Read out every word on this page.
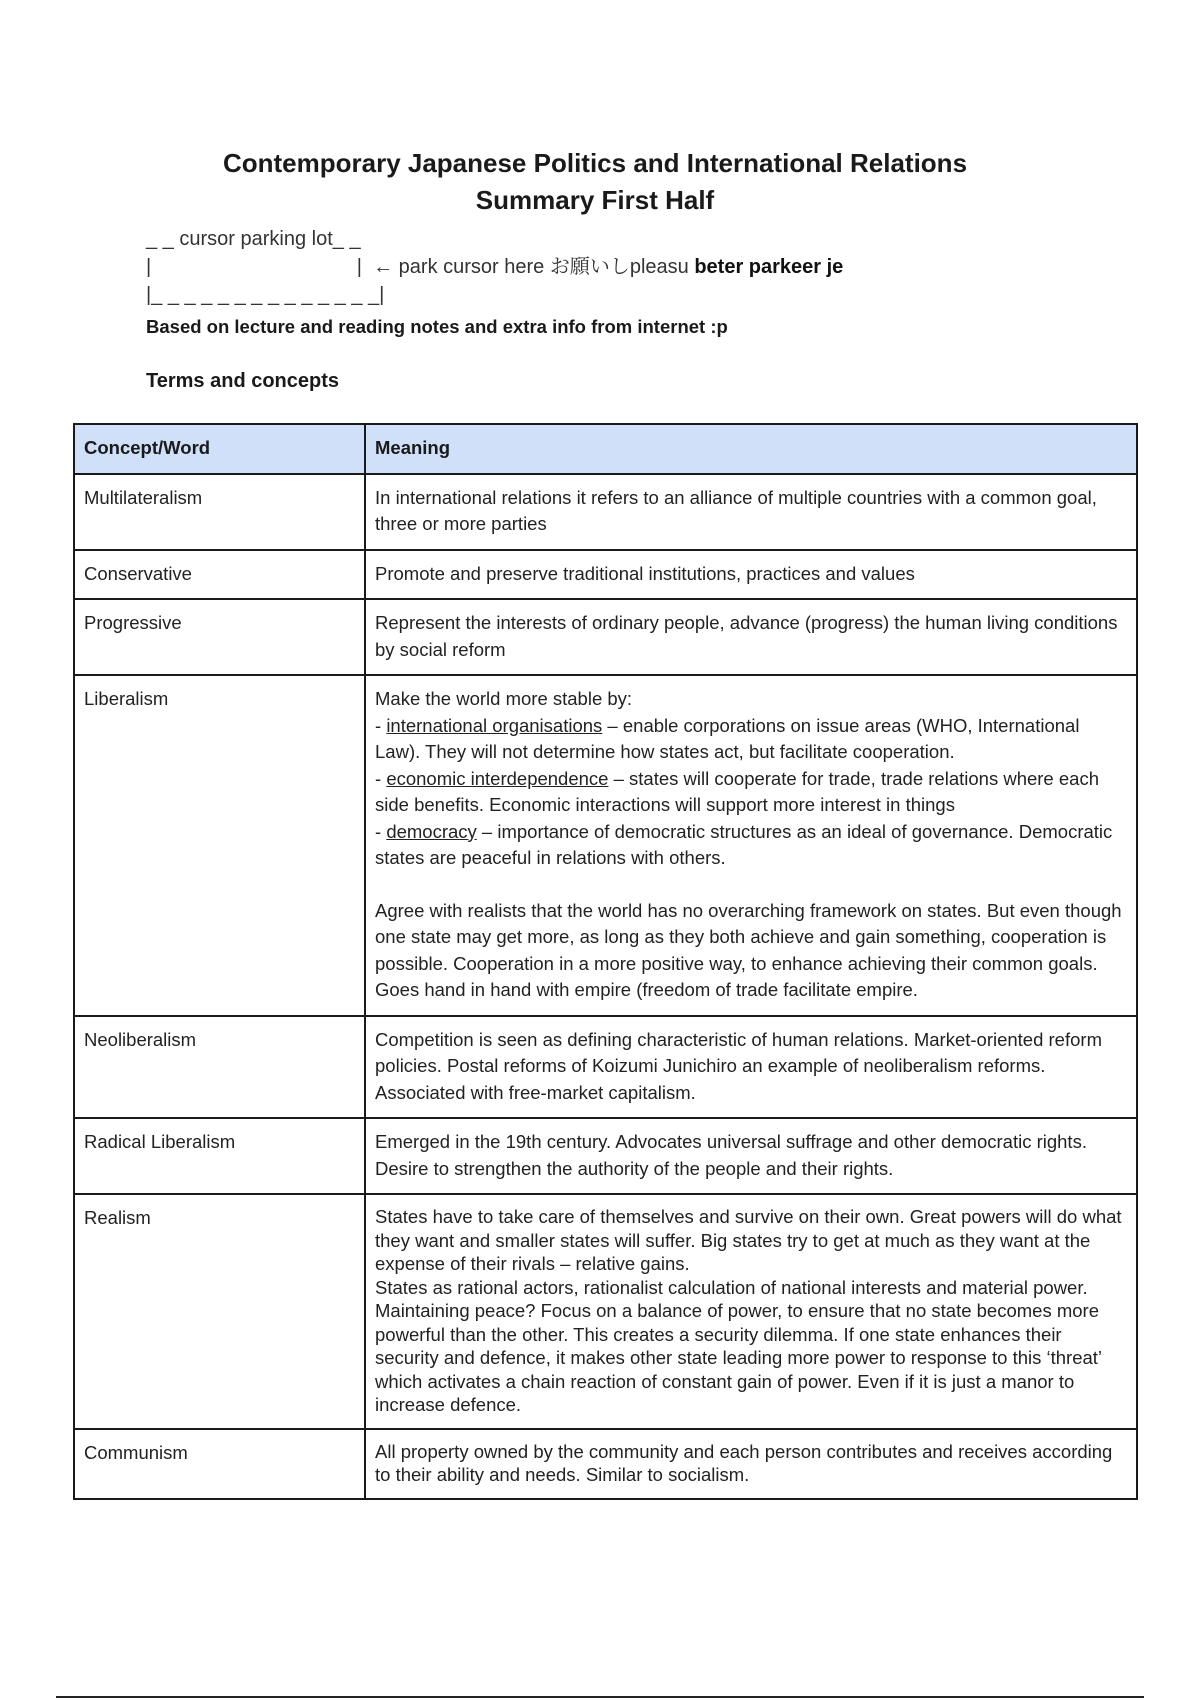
Contemporary Japanese Politics and International Relations
Summary First Half
_ _ cursor parking lot_ _
|                                     |  ← park cursor here お願いしpleasu beter parkeer je
|_ _ _ _ _ _ _ _ _ _ _ _ _ _|
Based on lecture and reading notes and extra info from internet :p
Terms and concepts
Concept/Word	Meaning
Multilateralism	In international relations it refers to an alliance of multiple countries with a common goal, three or more parties
Conservative	Promote and preserve traditional institutions, practices and values
Progressive	Represent the interests of ordinary people, advance (progress) the human living conditions by social reform
Liberalism	Make the world more stable by:
- international organisations – enable corporations on issue areas (WHO, International Law). They will not determine how states act, but facilitate cooperation.
- economic interdependence – states will cooperate for trade, trade relations where each side benefits. Economic interactions will support more interest in things
- democracy – importance of democratic structures as an ideal of governance. Democratic states are peaceful in relations with others.
Agree with realists that the world has no overarching framework on states. But even though one state may get more, as long as they both achieve and gain something, cooperation is possible. Cooperation in a more positive way, to enhance achieving their common goals. Goes hand in hand with empire (freedom of trade facilitate empire.

Neoliberalism	Competition is seen as defining characteristic of human relations. Market-oriented reform policies. Postal reforms of Koizumi Junichiro an example of neoliberalism reforms. Associated with free-market capitalism.
Radical Liberalism	Emerged in the 19th century. Advocates universal suffrage and other democratic rights. Desire to strengthen the authority of the people and their rights.
Realism	States have to take care of themselves and survive on their own. Great powers will do what they want and smaller states will suffer. Big states try to get at much as they want at the expense of their rivals – relative gains.
States as rational actors, rationalist calculation of national interests and material power.
Maintaining peace? Focus on a balance of power, to ensure that no state becomes more powerful than the other. This creates a security dilemma. If one state enhances their security and defence, it makes other state leading more power to response to this ‘threat’ which activates a chain reaction of constant gain of power. Even if it is just a manor to increase defence.

Communism	All property owned by the community and each person contributes and receives according to their ability and needs. Similar to socialism.
